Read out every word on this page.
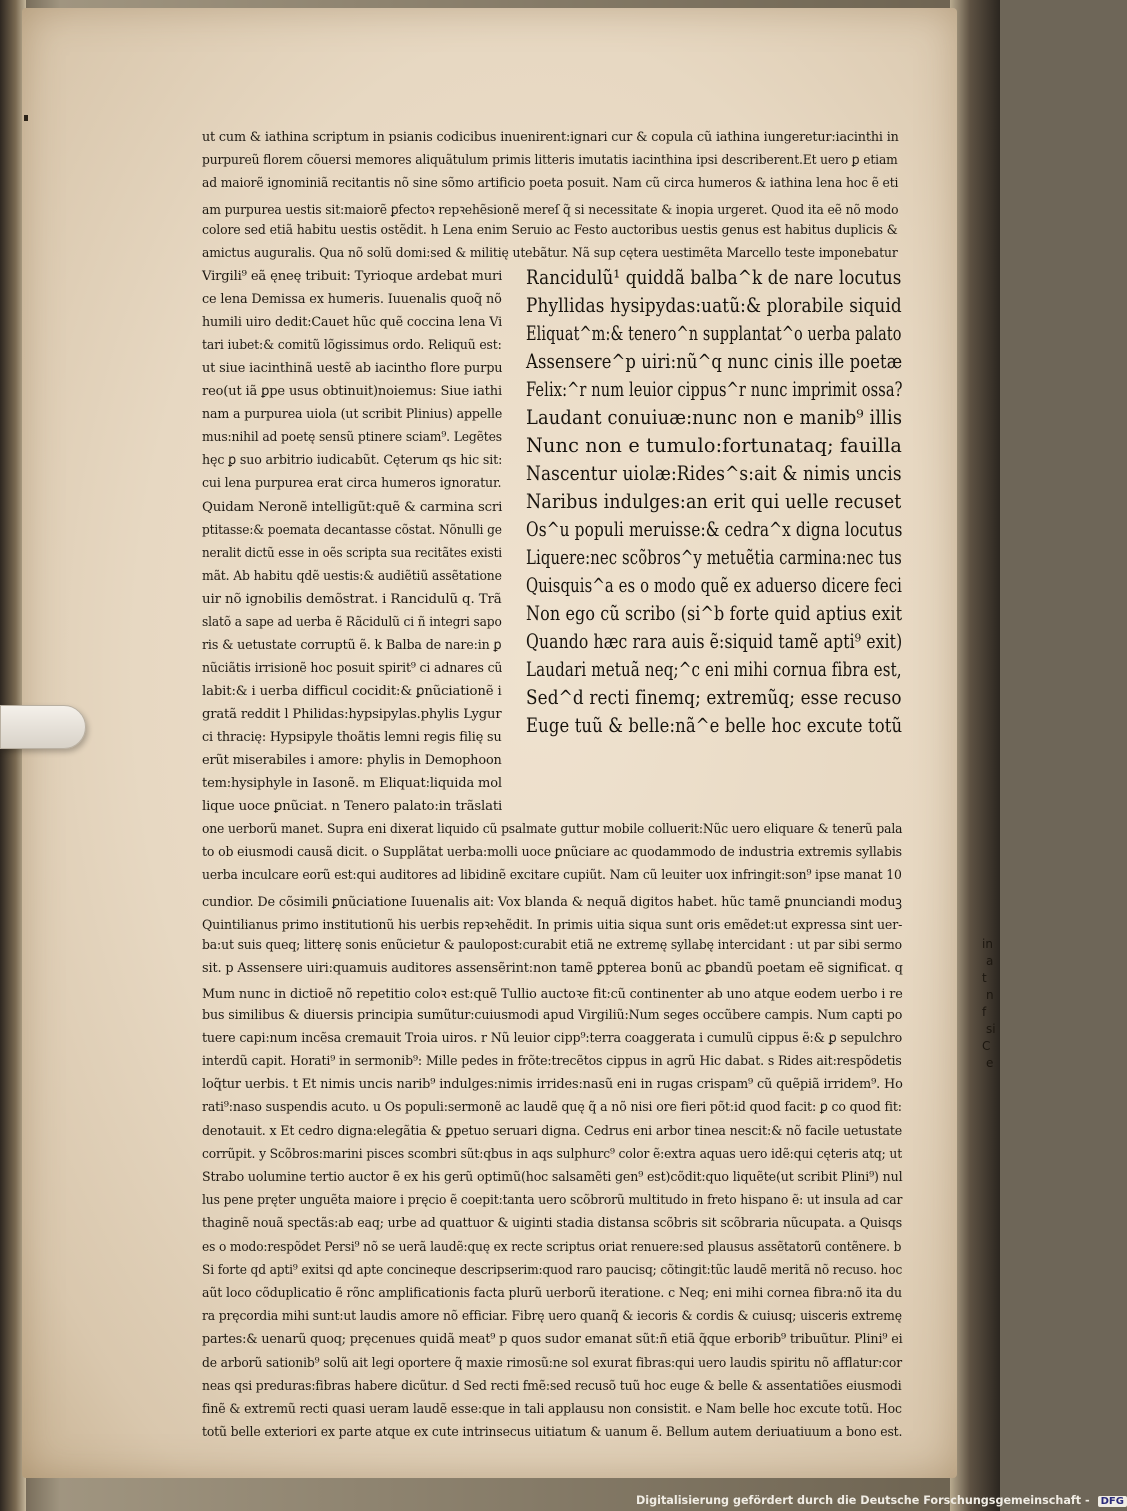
ut cum & iathina scriptum in psianis codicibus inuenirent:ignari cur & copula cũ iathina iungeretur:iacinthi in
purpureũ florem cõuersi memores aliquãtulum primis litteris imutatis iacinthina ipsi describerent.Et uero ꝑ etiam
ad maiorẽ ignominiã recitantis nõ sine sõmo artificio poeta posuit. Nam cũ circa humeros & iathina lena hoc ẽ eti
am purpurea uestis sit:maiorẽ ꝑfectoꝛ repꝛehẽsionẽ mereſ q̃ si necessitate & inopia urgeret. Quod ita eẽ nõ modo
colore sed etiã habitu uestis ostẽdit. h Lena enim Seruio ac Festo auctoribus uestis genus est habitus duplicis &
amictus auguralis. Qua nõ solũ domi:sed & militię utebãtur. Nã sup cętera uestimẽta Marcello teste imponebatur
Virgili⁹ eã ęneę tribuit: Tyrioque ardebat muri
ce lena Demissa ex humeris. Iuuenalis quoq̃ nõ
humili uiro dedit:Cauet hũc quẽ coccina lena Vi
tari iubet:& comitũ lõgissimus ordo. Reliquũ est:
ut siue iacinthinã uestẽ ab iacintho flore purpu
reo(ut iã ꝑpe usus obtinuit)noiemus: Siue iathi
nam a purpurea uiola (ut scribit Plinius) appelle
mus:nihil ad poetę sensũ ptinere sciam⁹. Legẽtes
hęc ꝑ suo arbitrio iudicabũt. Cęterum qs hic sit:
cui lena purpurea erat circa humeros ignoratur.
Quidam Neronẽ intelligũt:quẽ & carmina scri
ptitasse:& poemata decantasse cõstat. Nõnulli ge
neralit dictũ esse in oẽs scripta sua recitãtes existi
mãt. Ab habitu qdẽ uestis:& audiẽtiũ assẽtatione
uir nõ ignobilis demõstrat. i Rancidulũ q. Trã
slatõ a sape ad uerba ẽ Rãcidulũ ci ñ integri sapo
ris & uetustate corruptũ ẽ. k Balba de nare:in ꝑ
nũciãtis irrisionẽ hoc posuit spirit⁹ ci adnares cũ
labit:& i uerba difficul cocidit:& ꝑnũciationẽ i
gratã reddit l Philidas:hypsipylas.phylis Lygur
ci thracię: Hypsipyle thoãtis lemni regis filię su
erũt miserabiles i amore: phylis in Demophoon
tem:hysiphyle in Iasonẽ. m Eliquat:liquida mol
lique uoce ꝑnũciat. n Tenero palato:in trãslati
one uerborũ manet. Supra eni dixerat liquido cũ psalmate guttur mobile colluerit:Nũc uero eliquare & tenerũ pala
to ob eiusmodi causã dicit. o Supplãtat uerba:molli uoce ꝑnũciare ac quodammodo de industria extremis syllabis
uerba inculcare eorũ est:qui auditores ad libidinẽ excitare cupiũt. Nam cũ leuiter uox infringit:son⁹ ipse manat 10
cundior. De cõsimili ꝑnũciatione Iuuenalis ait: Vox blanda & nequã digitos habet. hũc tamẽ ꝑnunciandi moduꝫ
Quintilianus primo institutionũ his uerbis repꝛehẽdit. In primis uitia siqua sunt oris emẽdet:ut expressa sint uer-
ba:ut suis queq; litterę sonis enũcietur & paulopost:curabit etiã ne extremę syllabę intercidant : ut par sibi sermo
sit. p Assensere uiri:quamuis auditores assensẽrint:non tamẽ ꝑpterea bonũ ac ꝑbandũ poetam eẽ significat. q
Mum nunc in dictioẽ nõ repetitio coloꝛ est:quẽ Tullio auctoꝛe fit:cũ continenter ab uno atque eodem uerbo i re
bus similibus & diuersis principia sumũtur:cuiusmodi apud Virgiliũ:Num seges occũbere campis. Num capti po
tuere capi:num incẽsa cremauit Troia uiros. r Nũ leuior cipp⁹:terra coaggerata i cumulũ cippus ẽ:& ꝑ sepulchro
interdũ capit. Horati⁹ in sermonib⁹: Mille pedes in frõte:trecẽtos cippus in agrũ Hic dabat. s Rides ait:respõdetis
loq̃tur uerbis. t Et nimis uncis narib⁹ indulges:nimis irrides:nasũ eni in rugas crispam⁹ cũ quẽpiã irridem⁹. Ho
rati⁹:naso suspendis acuto. u Os populi:sermonẽ ac laudẽ quę q̃ a nõ nisi ore fieri põt:id quod facit: ꝑ co quod fit:
denotauit. x Et cedro digna:elegãtia & ꝑpetuo seruari digna. Cedrus eni arbor tinea nescit:& nõ facile uetustate
corrũpit. y Scõbros:marini pisces scombri sũt:qbus in aqs sulphurc⁹ color ẽ:extra aquas uero idẽ:qui cęteris atq; ut
Strabo uolumine tertio auctor ẽ ex his gerũ optimũ(hoc salsamẽti gen⁹ est)cõdit:quo liquẽte(ut scribit Plini⁹) nul
lus pene pręter unguẽta maiore i pręcio ẽ coepit:tanta uero scõbrorũ multitudo in freto hispano ẽ: ut insula ad car
thaginẽ nouã spectãs:ab eaq; urbe ad quattuor & uiginti stadia distansa scõbris sit scõbraria nũcupata. a Quisqs
es o modo:respõdet Persi⁹ nõ se uerã laudẽ:quę ex recte scriptus oriat renuere:sed plausus assẽtatorũ contẽnere. b
Si forte qd apti⁹ exitsi qd apte concineque descripserim:quod raro paucisq; cõtingit:tũc laudẽ meritã nõ recuso. hoc
aũt loco cõduplicatio ẽ rõnc amplificationis facta plurũ uerborũ iteratione. c Neq; eni mihi cornea fibra:nõ ita du
ra pręcordia mihi sunt:ut laudis amore nõ efficiar. Fibrę uero quanq̃ & iecoris & cordis & cuiusq; uisceris extremę
partes:& uenarũ quoq; pręcenues quidã meat⁹ p quos sudor emanat sũt:ñ etiã q̃que erborib⁹ tribuũtur. Plini⁹ ei
de arborũ sationib⁹ solũ ait legi oportere q̃ maxie rimosũ:ne sol exurat fibras:qui uero laudis spiritu nõ afflatur:cor
neas qsi preduras:fibras habere dicũtur. d Sed recti fmẽ:sed recusõ tuũ hoc euge & belle & assentatiões eiusmodi
finẽ & extremũ recti quasi ueram laudẽ esse:que in tali applausu non consistit. e Nam belle hoc excute totũ. Hoc
totũ belle exteriori ex parte atque ex cute intrinsecus uitiatum & uanum ẽ. Bellum autem deriuatiuum a bono est.
Rancidulũ¹ quiddã balba^k de nare locutus
Phyllidas hysipydas:uatũ:& plorabile siquid
Eliquat^m:& tenero^n supplantat^o uerba palato
Assensere^p uiri:nũ^q nunc cinis ille poetæ
Felix:^r num leuior cippus^r nunc imprimit ossa?
Laudant conuiuæ:nunc non e manib⁹ illis
Nunc non e tumulo:fortunataq; fauilla
Nascentur uiolæ:Rides^s:ait & nimis uncis
Naribus indulges:an erit qui uelle recuset
Os^u populi meruisse:& cedra^x digna locutus
Liquere:nec scõbros^y metuẽtia carmina:nec tus
Quisquis^a es o modo quẽ ex aduerso dicere feci
Non ego cũ scribo (si^b forte quid aptius exit
Quando hæc rara auis ẽ:siquid tamẽ apti⁹ exit)
Laudari metuã neq;^c eni mihi cornua fibra est,
Sed^d recti finemq; extremũq; esse recuso
Euge tuũ & belle:nã^e belle hoc excute totũ
in
a
t
n
f
si
C
e
Digitalisierung gefördert durch die Deutsche Forschungsgemeinschaft - DFG
